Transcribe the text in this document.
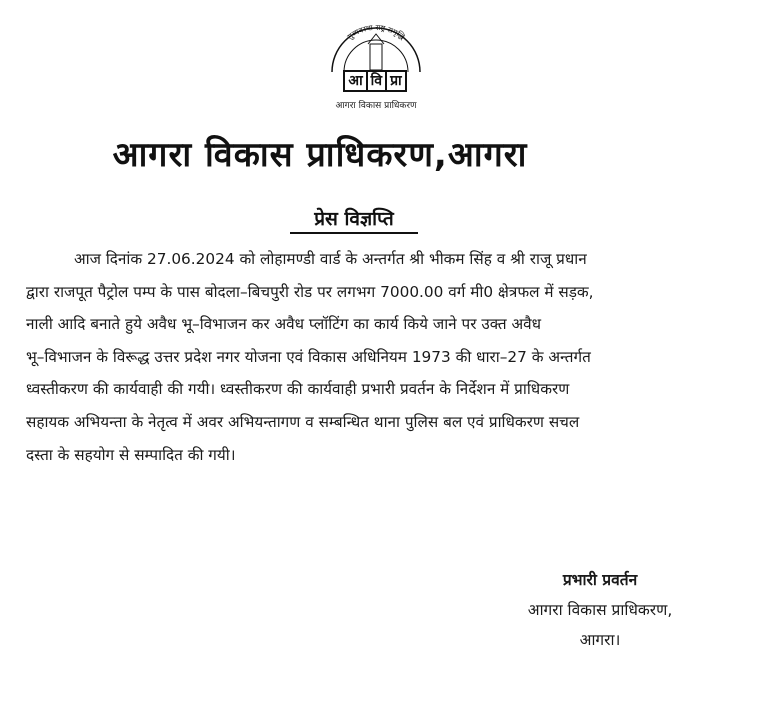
सुव्यवस्था राष्ट्र समृद्धि
आ वि प्रा
आगरा विकास प्राधिकरण
आगरा विकास प्राधिकरण,आगरा
प्रेस विज्ञप्ति
आज दिनांक 27.06.2024 को लोहामण्डी वार्ड के अन्तर्गत श्री भीकम सिंह व श्री राजू प्रधान
द्वारा राजपूत पैट्रोल पम्प के पास बोदला–बिचपुरी रोड पर लगभग 7000.00 वर्ग मी0 क्षेत्रफल में सड़क,
नाली आदि बनाते हुये अवैध भू–विभाजन कर अवैध प्लॉटिंग का कार्य किये जाने पर उक्त अवैध
भू–विभाजन के विरूद्ध उत्तर प्रदेश नगर योजना एवं विकास अधिनियम 1973 की धारा–27 के अन्तर्गत
ध्वस्तीकरण की कार्यवाही की गयी। ध्वस्तीकरण की कार्यवाही प्रभारी प्रवर्तन के निर्देशन में प्राधिकरण
सहायक अभियन्ता के नेतृत्व में अवर अभियन्तागण व सम्बन्धित थाना पुलिस बल एवं प्राधिकरण सचल
दस्ता के सहयोग से सम्पादित की गयी।
प्रभारी प्रवर्तन
आगरा विकास प्राधिकरण,
आगरा।
